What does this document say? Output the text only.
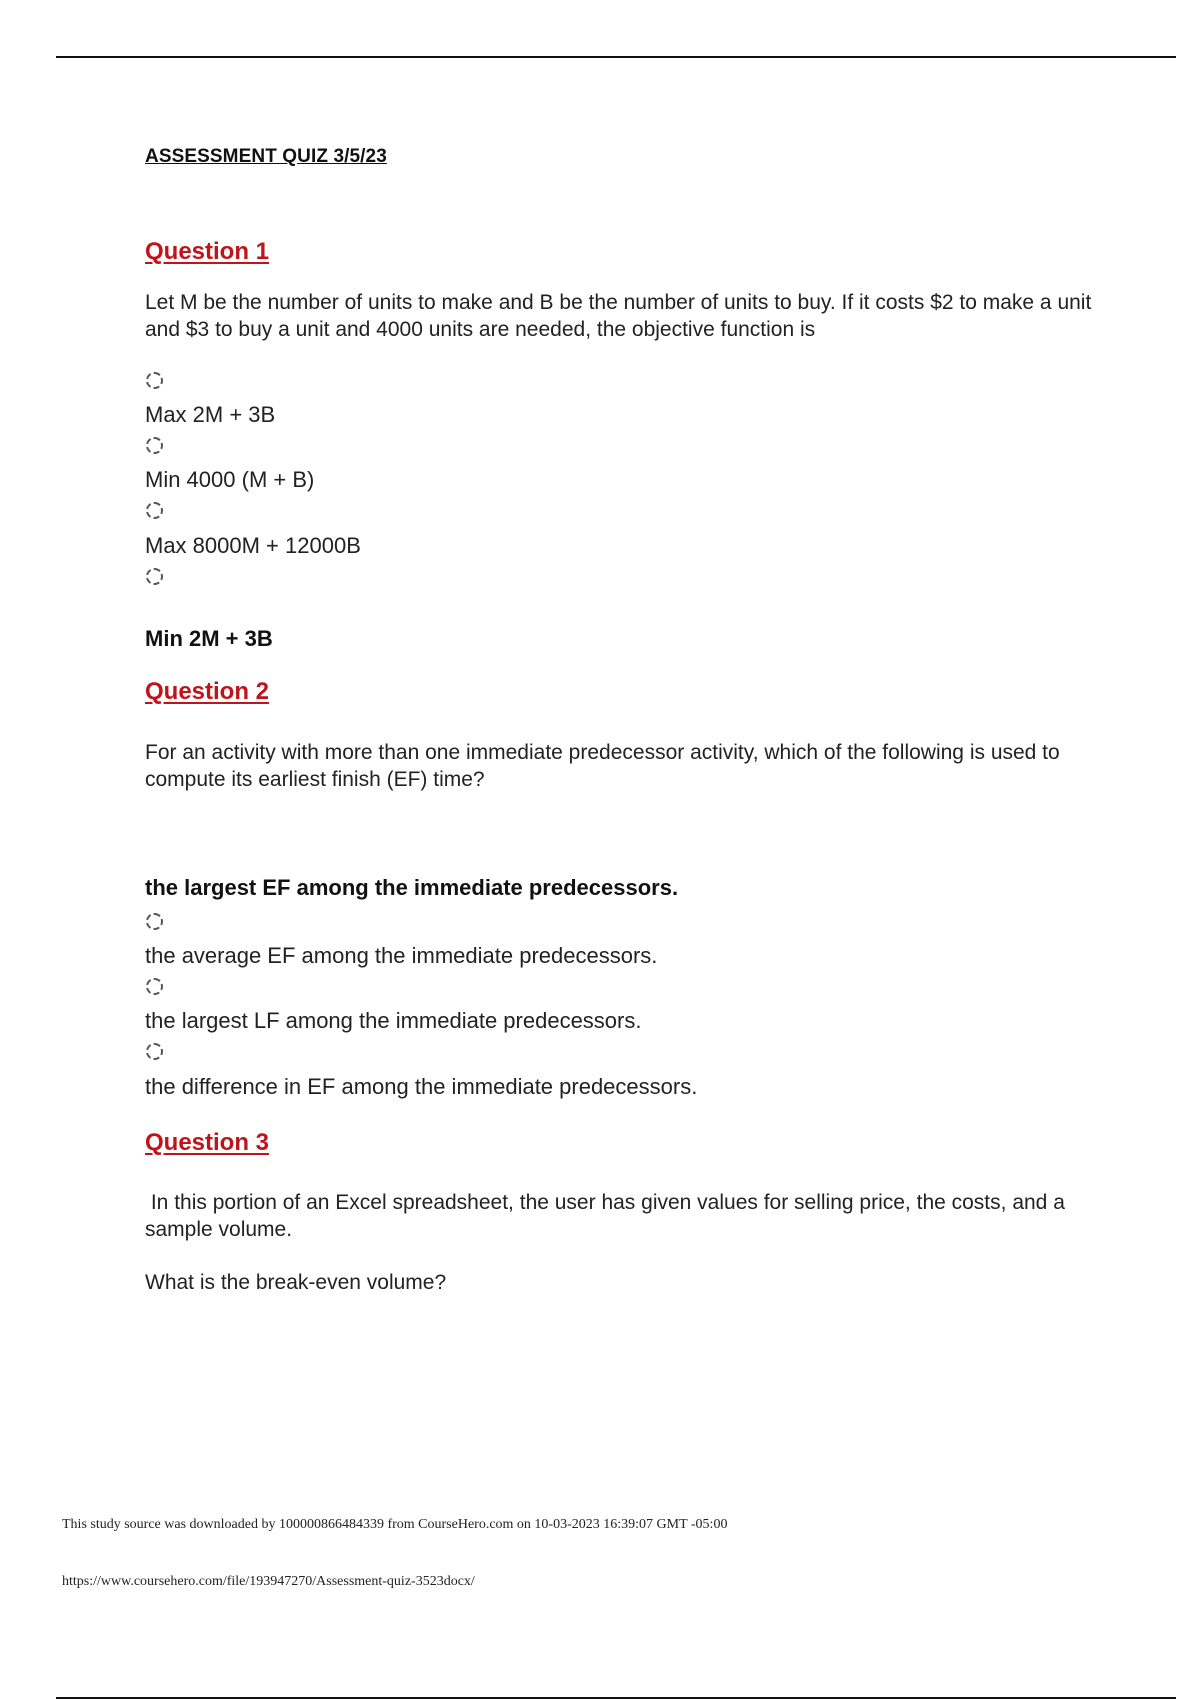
ASSESSMENT QUIZ 3/5/23
Question 1
Let M be the number of units to make and B be the number of units to buy. If it costs $2 to make a unit and $3 to buy a unit and 4000 units are needed, the objective function is
Max 2M + 3B
Min 4000 (M + B)
Max 8000M + 12000B
Min 2M + 3B
Question 2
For an activity with more than one immediate predecessor activity, which of the following is used to compute its earliest finish (EF) time?
the largest EF among the immediate predecessors.
the average EF among the immediate predecessors.
the largest LF among the immediate predecessors.
the difference in EF among the immediate predecessors.
Question 3
In this portion of an Excel spreadsheet, the user has given values for selling price, the costs, and a sample volume.
What is the break-even volume?
This study source was downloaded by 100000866484339 from CourseHero.com on 10-03-2023 16:39:07 GMT -05:00
https://www.coursehero.com/file/193947270/Assessment-quiz-3523docx/
